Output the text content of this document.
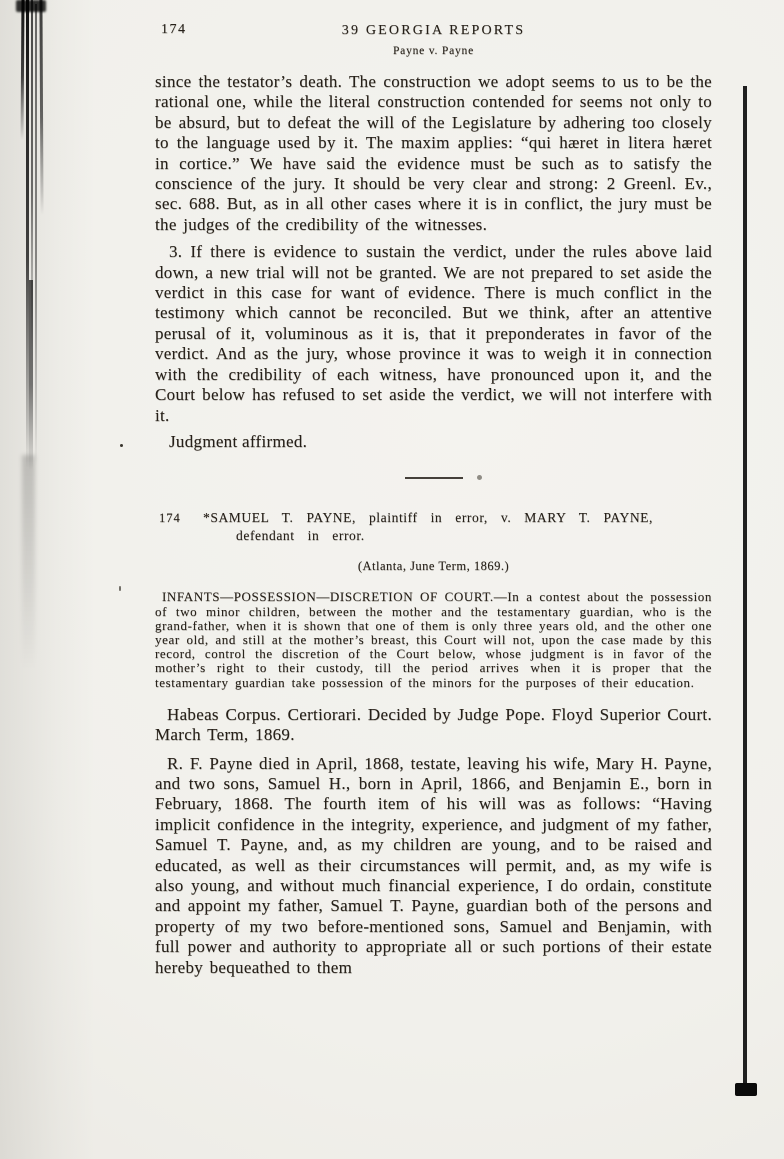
174	39 GEORGIA REPORTS
Payne v. Payne

since the testator’s death. The construction we adopt seems to us to be the rational one, while the literal construction contended for seems not only to be absurd, but to defeat the will of the Legislature by adhering too closely to the language used by it. The maxim applies: “qui hæret in litera hæret in cortice.” We have said the evidence must be such as to satisfy the conscience of the jury. It should be very clear and strong: 2 Greenl. Ev., sec. 688. But, as in all other cases where it is in conflict, the jury must be the judges of the credibility of the witnesses.

3. If there is evidence to sustain the verdict, under the rules above laid down, a new trial will not be granted. We are not prepared to set aside the verdict in this case for want of evidence. There is much conflict in the testimony which cannot be reconciled. But we think, after an attentive perusal of it, voluminous as it is, that it preponderates in favor of the verdict. And as the jury, whose province it was to weigh it in connection with the credibility of each witness, have pronounced upon it, and the Court below has refused to set aside the verdict, we will not interfere with it.

Judgment affirmed.

174 *SAMUEL T. PAYNE, plaintiff in error, v. MARY T. PAYNE, defendant in error.
(Atlanta, June Term, 1869.)

INFANTS—POSSESSION—DISCRETION OF COURT.—In a contest about the possession of two minor children, between the mother and the testamentary guardian, who is the grand-father, when it is shown that one of them is only three years old, and the other one year old, and still at the mother’s breast, this Court will not, upon the case made by this record, control the discretion of the Court below, whose judgment is in favor of the mother’s right to their custody, till the period arrives when it is proper that the testamentary guardian take possession of the minors for the purposes of their education.

Habeas Corpus. Certiorari. Decided by Judge Pope. Floyd Superior Court. March Term, 1869.

R. F. Payne died in April, 1868, testate, leaving his wife, Mary H. Payne, and two sons, Samuel H., born in April, 1866, and Benjamin E., born in February, 1868. The fourth item of his will was as follows: “Having implicit confidence in the integrity, experience, and judgment of my father, Samuel T. Payne, and, as my children are young, and to be raised and educated, as well as their circumstances will permit, and, as my wife is also young, and without much financial experience, I do ordain, constitute and appoint my father, Samuel T. Payne, guardian both of the persons and property of my two before-mentioned sons, Samuel and Benjamin, with full power and authority to appropriate all or such portions of their estate hereby bequeathed to them
